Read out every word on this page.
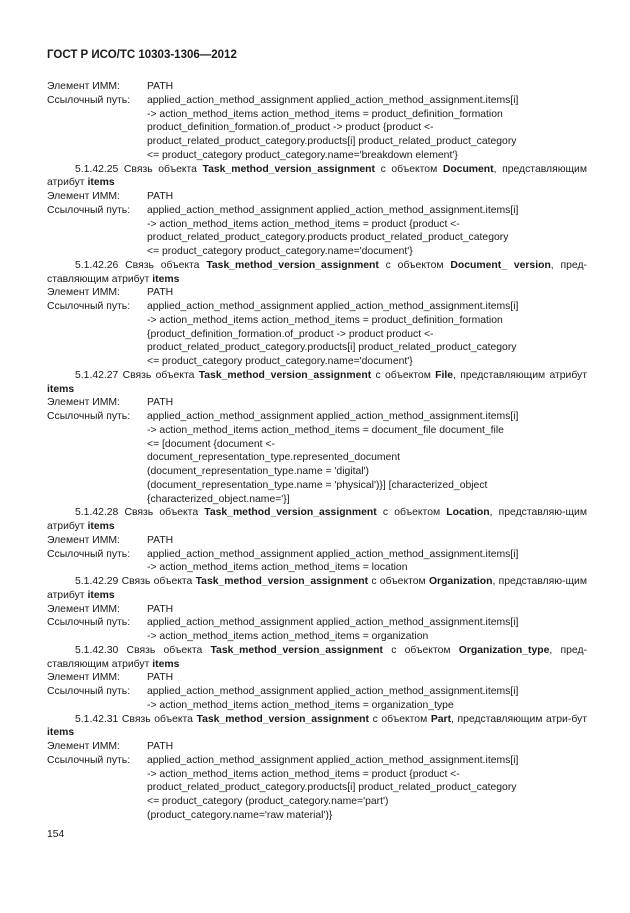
ГОСТ Р ИСО/ТС 10303-1306—2012
Элемент ИММ:	PATH
Ссылочный путь: applied_action_method_assignment applied_action_method_assignment.items[i]
-> action_method_items action_method_items = product_definition_formation
product_definition_formation.of_product -> product {product <-
product_related_product_category.products[i] product_related_product_category
<= product_category product_category.name='breakdown element'}
5.1.42.25 Связь объекта Task_method_version_assignment с объектом Document, представляющим атрибут items
Элемент ИММ:	PATH
Ссылочный путь: applied_action_method_assignment applied_action_method_assignment.items[i]
-> action_method_items action_method_items = product {product <-
product_related_product_category.products product_related_product_category
<= product_category product_category.name='document'}
5.1.42.26 Связь объекта Task_method_version_assignment с объектом Document_ version, пред-ставляющим атрибут items
Элемент ИММ:	PATH
Ссылочный путь: applied_action_method_assignment applied_action_method_assignment.items[i]
-> action_method_items action_method_items = product_definition_formation
{product_definition_formation.of_product -> product product <-
product_related_product_category.products[i] product_related_product_category
<= product_category product_category.name='document'}
5.1.42.27 Связь объекта Task_method_version_assignment с объектом File, представляющим атрибут items
Элемент ИММ:	PATH
Ссылочный путь: applied_action_method_assignment applied_action_method_assignment.items[i]
-> action_method_items action_method_items = document_file document_file
<= [document {document <-
document_representation_type.represented_document
(document_representation_type.name = 'digital')
(document_representation_type.name = 'physical')}] [characterized_object
{characterized_object.name='}]
5.1.42.28 Связь объекта Task_method_version_assignment с объектом Location, представляю-щим атрибут items
Элемент ИММ:	PATH
Ссылочный путь: applied_action_method_assignment applied_action_method_assignment.items[i]
-> action_method_items action_method_items = location
5.1.42.29 Связь объекта Task_method_version_assignment с объектом Organization, представляю-щим атрибут items
Элемент ИММ:	PATH
Ссылочный путь: applied_action_method_assignment applied_action_method_assignment.items[i]
-> action_method_items action_method_items = organization
5.1.42.30 Связь объекта Task_method_version_assignment с объектом Organization_type, пред-ставляющим атрибут items
Элемент ИММ:	PATH
Ссылочный путь: applied_action_method_assignment applied_action_method_assignment.items[i]
-> action_method_items action_method_items = organization_type
5.1.42.31 Связь объекта Task_method_version_assignment с объектом Part, представляющим атри-бут items
Элемент ИММ:	PATH
Ссылочный путь: applied_action_method_assignment applied_action_method_assignment.items[i]
-> action_method_items action_method_items = product {product <-
product_related_product_category.products[i] product_related_product_category
<= product_category (product_category.name='part')
(product_category.name='raw material')}
154
